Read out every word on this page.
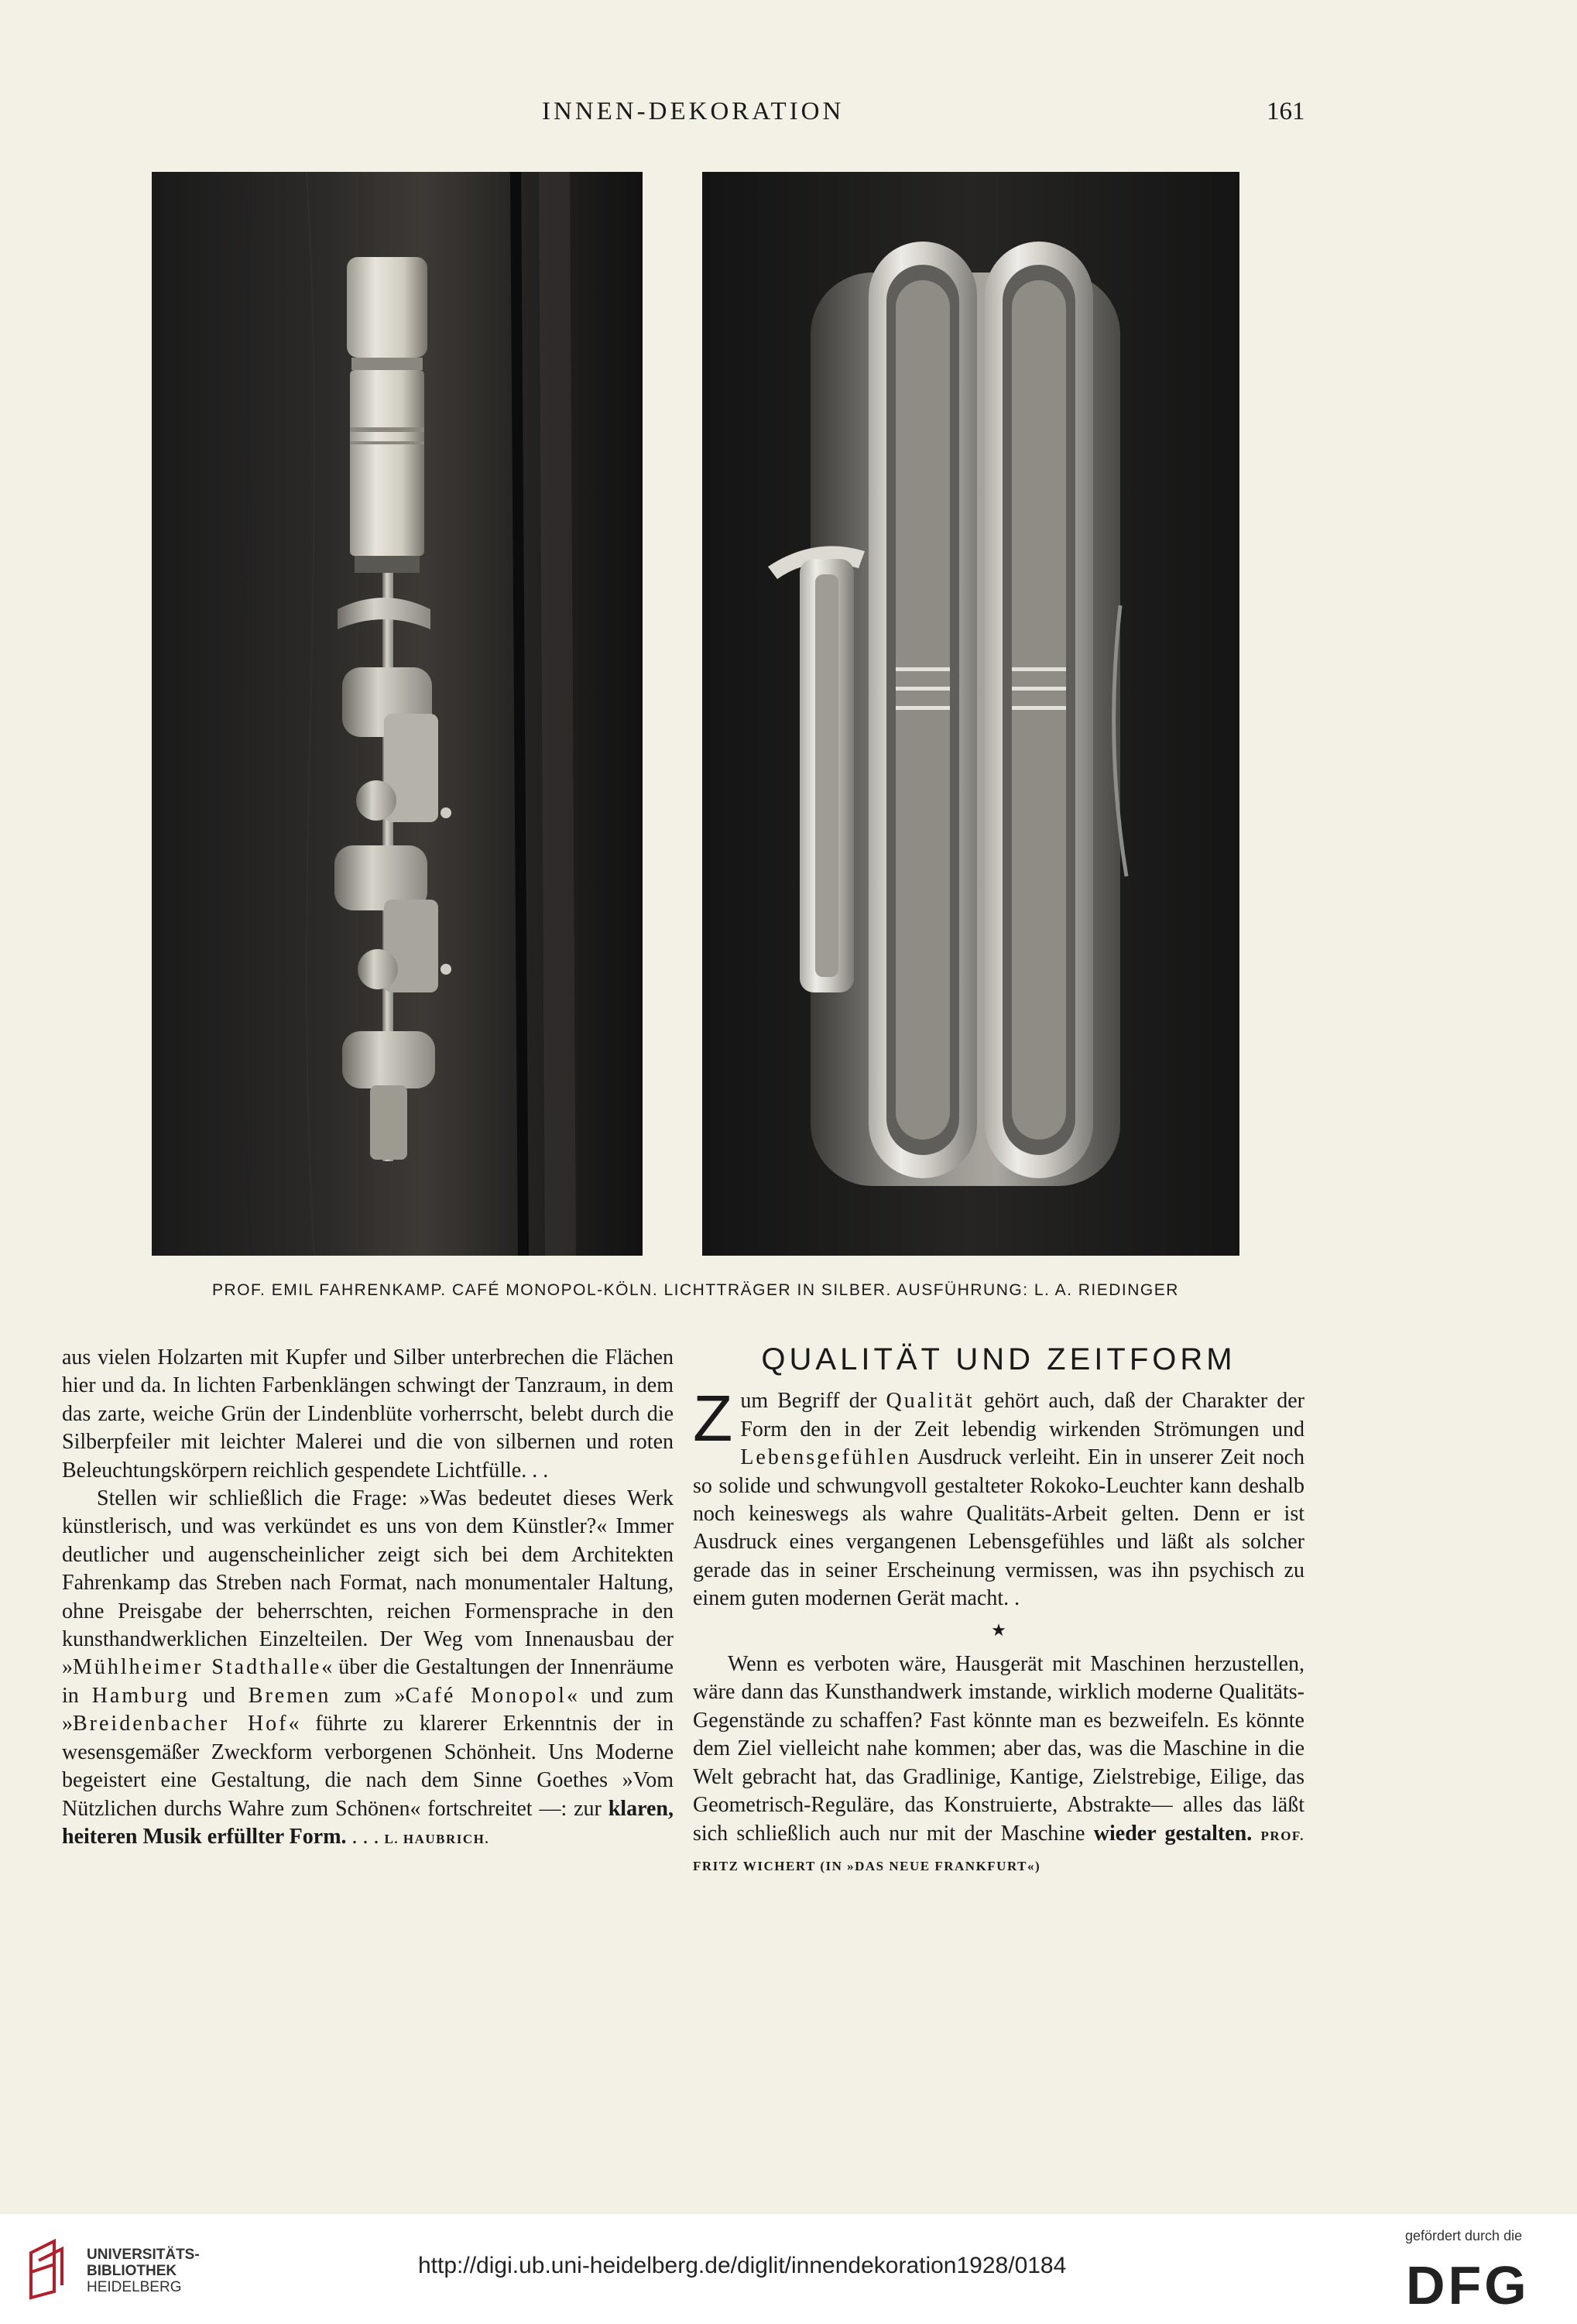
INNEN-DEKORATION	161
PROF. EMIL FAHRENKAMP. CAFÉ MONOPOL-KÖLN. LICHTTRÄGER IN SILBER. AUSFÜHRUNG: L. A. RIEDINGER

aus vielen Holzarten mit Kupfer und Silber unterbrechen die Flächen hier und da. In lichten Farbenklängen schwingt der Tanzraum, in dem das zarte, weiche Grün der Lindenblüte vorherrscht, belebt durch die Silberpfeiler mit leichter Malerei und die von silbernen und roten Beleuchtungskörpern reichlich gespendete Lichtfülle. . .

Stellen wir schließlich die Frage: »Was bedeutet dieses Werk künstlerisch, und was verkündet es uns von dem Künstler?« Immer deutlicher und augenscheinlicher zeigt sich bei dem Architekten Fahrenkamp das Streben nach Format, nach monumentaler Haltung, ohne Preisgabe der beherrschten, reichen Formensprache in den kunsthandwerklichen Einzelteilen. Der Weg vom Innenausbau der »Mühlheimer Stadthalle« über die Gestaltungen der Innenräume in Hamburg und Bremen zum »Café Monopol« und zum »Breidenbacher Hof« führte zu klarerer Erkenntnis der in wesensgemäßer Zweckform verborgenen Schönheit. Uns Moderne begeistert eine Gestaltung, die nach dem Sinne Goethes »Vom Nützlichen durchs Wahre zum Schönen« fortschreitet —: zur klaren, heiteren Musik erfüllter Form. . . . L. HAUBRICH.

QUALITÄT UND ZEITFORM

Zum Begriff der Qualität gehört auch, daß der Charakter der Form den in der Zeit lebendig wirkenden Strömungen und Lebensgefühlen Ausdruck verleiht. Ein in unserer Zeit noch so solide und schwungvoll gestalteter Rokoko-Leuchter kann deshalb noch keineswegs als wahre Qualitäts-Arbeit gelten. Denn er ist Ausdruck eines vergangenen Lebensgefühles und läßt als solcher gerade das in seiner Erscheinung vermissen, was ihn psychisch zu einem guten modernen Gerät macht. .

★

Wenn es verboten wäre, Hausgerät mit Maschinen herzustellen, wäre dann das Kunsthandwerk imstande, wirklich moderne Qualitäts-Gegenstände zu schaffen? Fast könnte man es bezweifeln. Es könnte dem Ziel vielleicht nahe kommen; aber das, was die Maschine in die Welt gebracht hat, das Gradlinige, Kantige, Zielstrebige, Eilige, das Geometrisch-Reguläre, das Konstruierte, Abstrakte— alles das läßt sich schließlich auch nur mit der Maschine wieder gestalten. PROF. FRITZ WICHERT (IN »DAS NEUE FRANKFURT«)

UNIVERSITÄTS-
BIBLIOTHEK
HEIDELBERG
http://digi.ub.uni-heidelberg.de/diglit/innendekoration1928/0184
gefördert durch die
DFG
